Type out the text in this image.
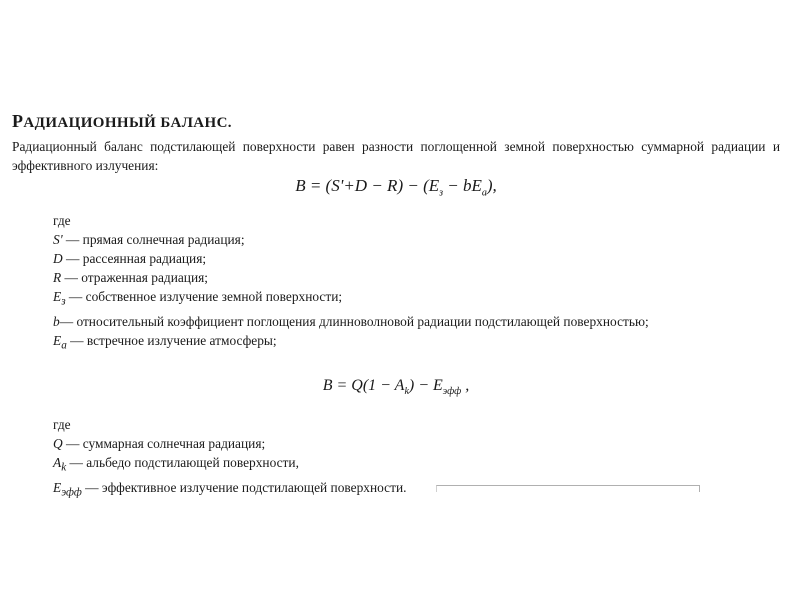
РАДИАЦИОННЫЙ БАЛАНС.
Радиационный баланс подстилающей поверхности равен разности поглощенной земной поверхностью суммарной радиации и эффективного излучения:
$B = (S'+D - R) - (E_з - bE_a)$,
где
S' — прямая солнечная радиация;
D — рассеянная радиация;
R — отраженная радиация;
$E_з$ — собственное излучение земной поверхности;
b— относительный коэффициент поглощения длинноволновой радиации подстилающей поверхностью;
$E_a$ — встречное излучение атмосферы;
$B = Q(1 - A_k) - E_{эфф}$ ,
где
Q — суммарная солнечная радиация;
$A_k$ — альбедо подстилающей поверхности,
$E_{эфф}$ — эффективное излучение подстилающей поверхности.
